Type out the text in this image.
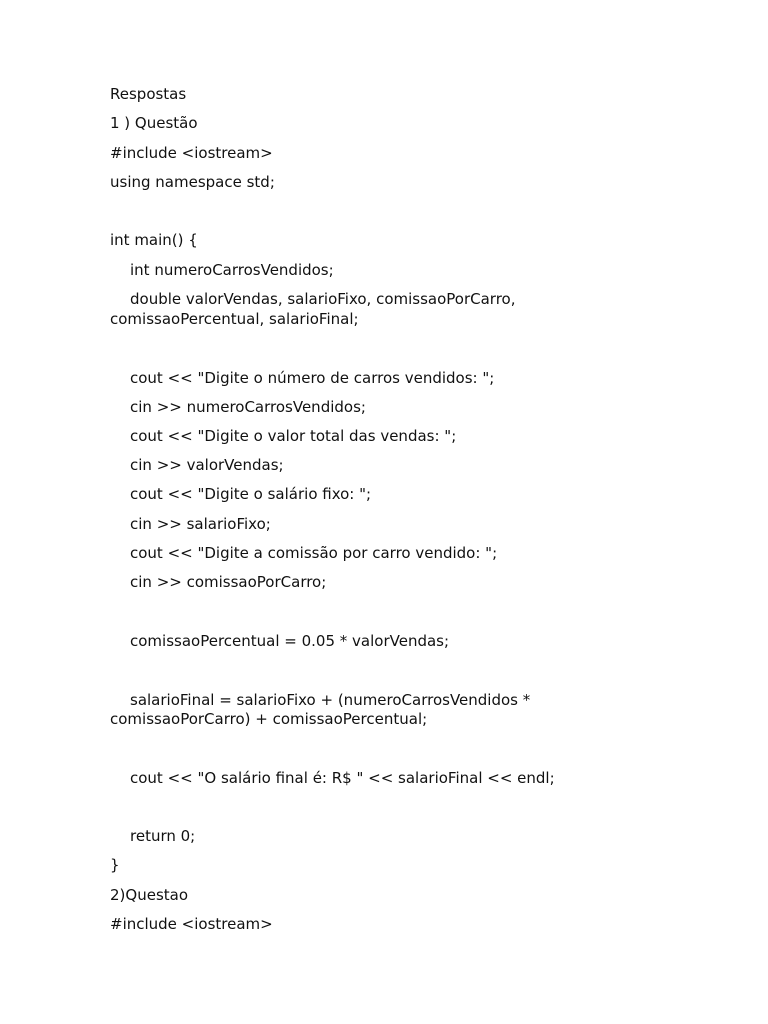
Respostas
1 ) Questão
#include <iostream>
using namespace std;
int main() {
int numeroCarrosVendidos;
double valorVendas, salarioFixo, comissaoPorCarro,
comissaoPercentual, salarioFinal;
cout << "Digite o número de carros vendidos: ";
cin >> numeroCarrosVendidos;
cout << "Digite o valor total das vendas: ";
cin >> valorVendas;
cout << "Digite o salário fixo: ";
cin >> salarioFixo;
cout << "Digite a comissão por carro vendido: ";
cin >> comissaoPorCarro;
comissaoPercentual = 0.05 * valorVendas;
salarioFinal = salarioFixo + (numeroCarrosVendidos *
comissaoPorCarro) + comissaoPercentual;
cout << "O salário final é: R$ " << salarioFinal << endl;
return 0;
}
2)Questao
#include <iostream>
